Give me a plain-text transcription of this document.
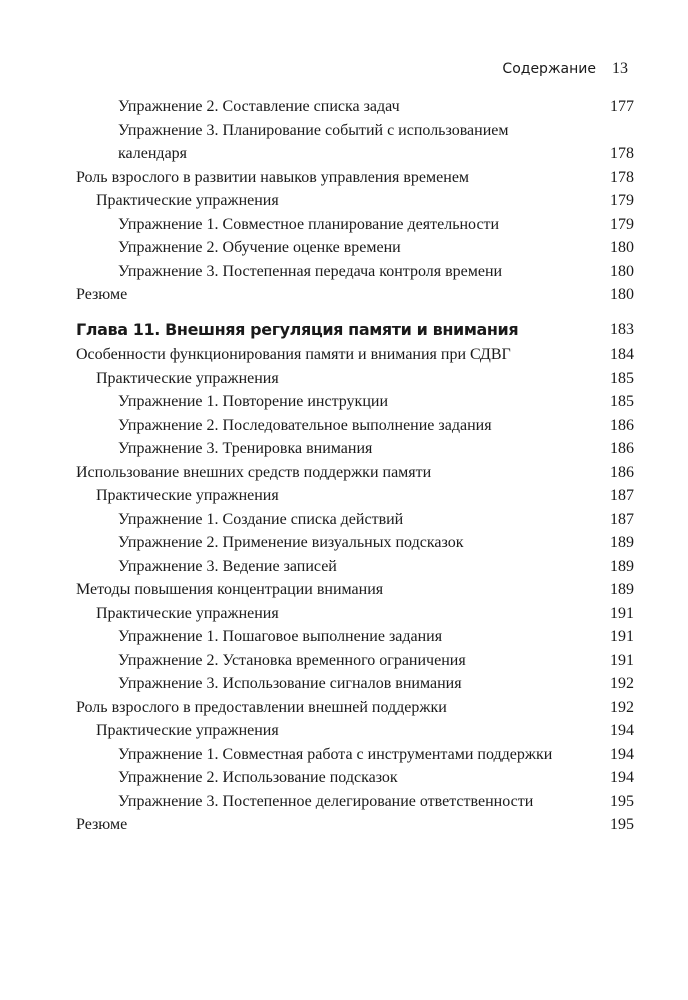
Содержание 13
Упражнение 2. Составление списка задач	177
Упражнение 3. Планирование событий с использованием календаря	178
Роль взрослого в развитии навыков управления временем	178
Практические упражнения	179
Упражнение 1. Совместное планирование деятельности	179
Упражнение 2. Обучение оценке времени	180
Упражнение 3. Постепенная передача контроля времени	180
Резюме	180
Глава 11. Внешняя регуляция памяти и внимания	183
Особенности функционирования памяти и внимания при СДВГ	184
Практические упражнения	185
Упражнение 1. Повторение инструкции	185
Упражнение 2. Последовательное выполнение задания	186
Упражнение 3. Тренировка внимания	186
Использование внешних средств поддержки памяти	186
Практические упражнения	187
Упражнение 1. Создание списка действий	187
Упражнение 2. Применение визуальных подсказок	189
Упражнение 3. Ведение записей	189
Методы повышения концентрации внимания	189
Практические упражнения	191
Упражнение 1. Пошаговое выполнение задания	191
Упражнение 2. Установка временного ограничения	191
Упражнение 3. Использование сигналов внимания	192
Роль взрослого в предоставлении внешней поддержки	192
Практические упражнения	194
Упражнение 1. Совместная работа с инструментами поддержки	194
Упражнение 2. Использование подсказок	194
Упражнение 3. Постепенное делегирование ответственности	195
Резюме	195
